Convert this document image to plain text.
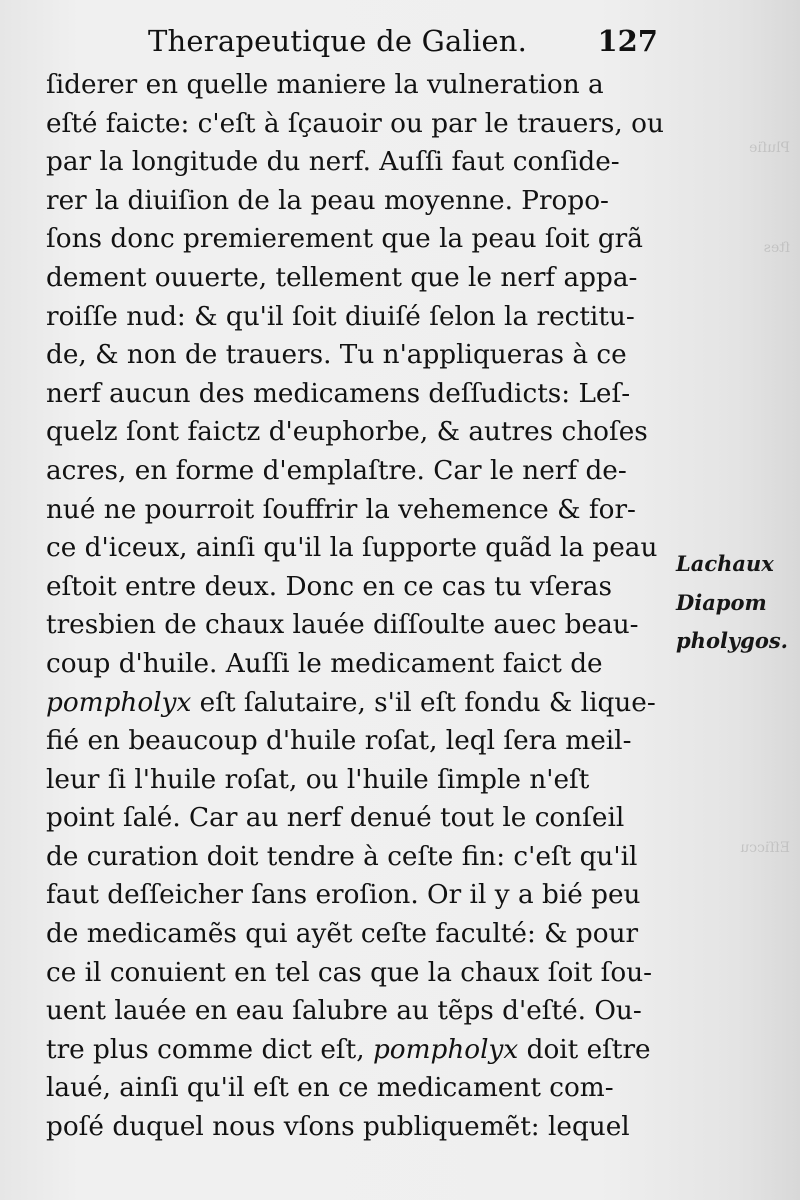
Pluſie
ſtes
Eſſiccu
Therapeutique de Galien. 127
ſiderer en quelle maniere la vulneration a
eſté faicte: c'eſt à ſçauoir ou par le trauers, ou
par la longitude du nerf. Auſſi faut conſide-
rer la diuiſion de la peau moyenne. Propo-
ſons donc premierement que la peau ſoit grã
dement ouuerte, tellement que le nerf appa-
roiſſe nud: & qu'il ſoit diuiſé ſelon la rectitu-
de, & non de trauers. Tu n'appliqueras à ce
nerf aucun des medicamens deſſudicts: Leſ-
quelz ſont faictz d'euphorbe, & autres choſes
acres, en forme d'emplaſtre. Car le nerf de-
nué ne pourroit ſouffrir la vehemence & for-
ce d'iceux, ainſi qu'il la ſupporte quãd la peau
eſtoit entre deux. Donc en ce cas tu vſeras
tresbien de chaux lauée diſſoulte auec beau-
coup d'huile. Auſſi le medicament faict de
pompholyx eſt ſalutaire, s'il eſt fondu & lique-
fié en beaucoup d'huile roſat, leql ſera meil-
leur ſi l'huile roſat, ou l'huile ſimple n'eſt
point ſalé. Car au nerf denué tout le conſeil
de curation doit tendre à ceſte fin: c'eſt qu'il
faut deſſeicher ſans eroſion. Or il y a bié peu
de medicamẽs qui ayẽt ceſte faculté: & pour
ce il conuient en tel cas que la chaux ſoit ſou-
uent lauée en eau ſalubre au tẽps d'eſté. Ou-
tre plus comme dict eſt, pompholyx doit eſtre
laué, ainſi qu'il eſt en ce medicament com-
poſé duquel nous vſons publiquemẽt: lequel
Lachaux
Diapom
pholygos.
